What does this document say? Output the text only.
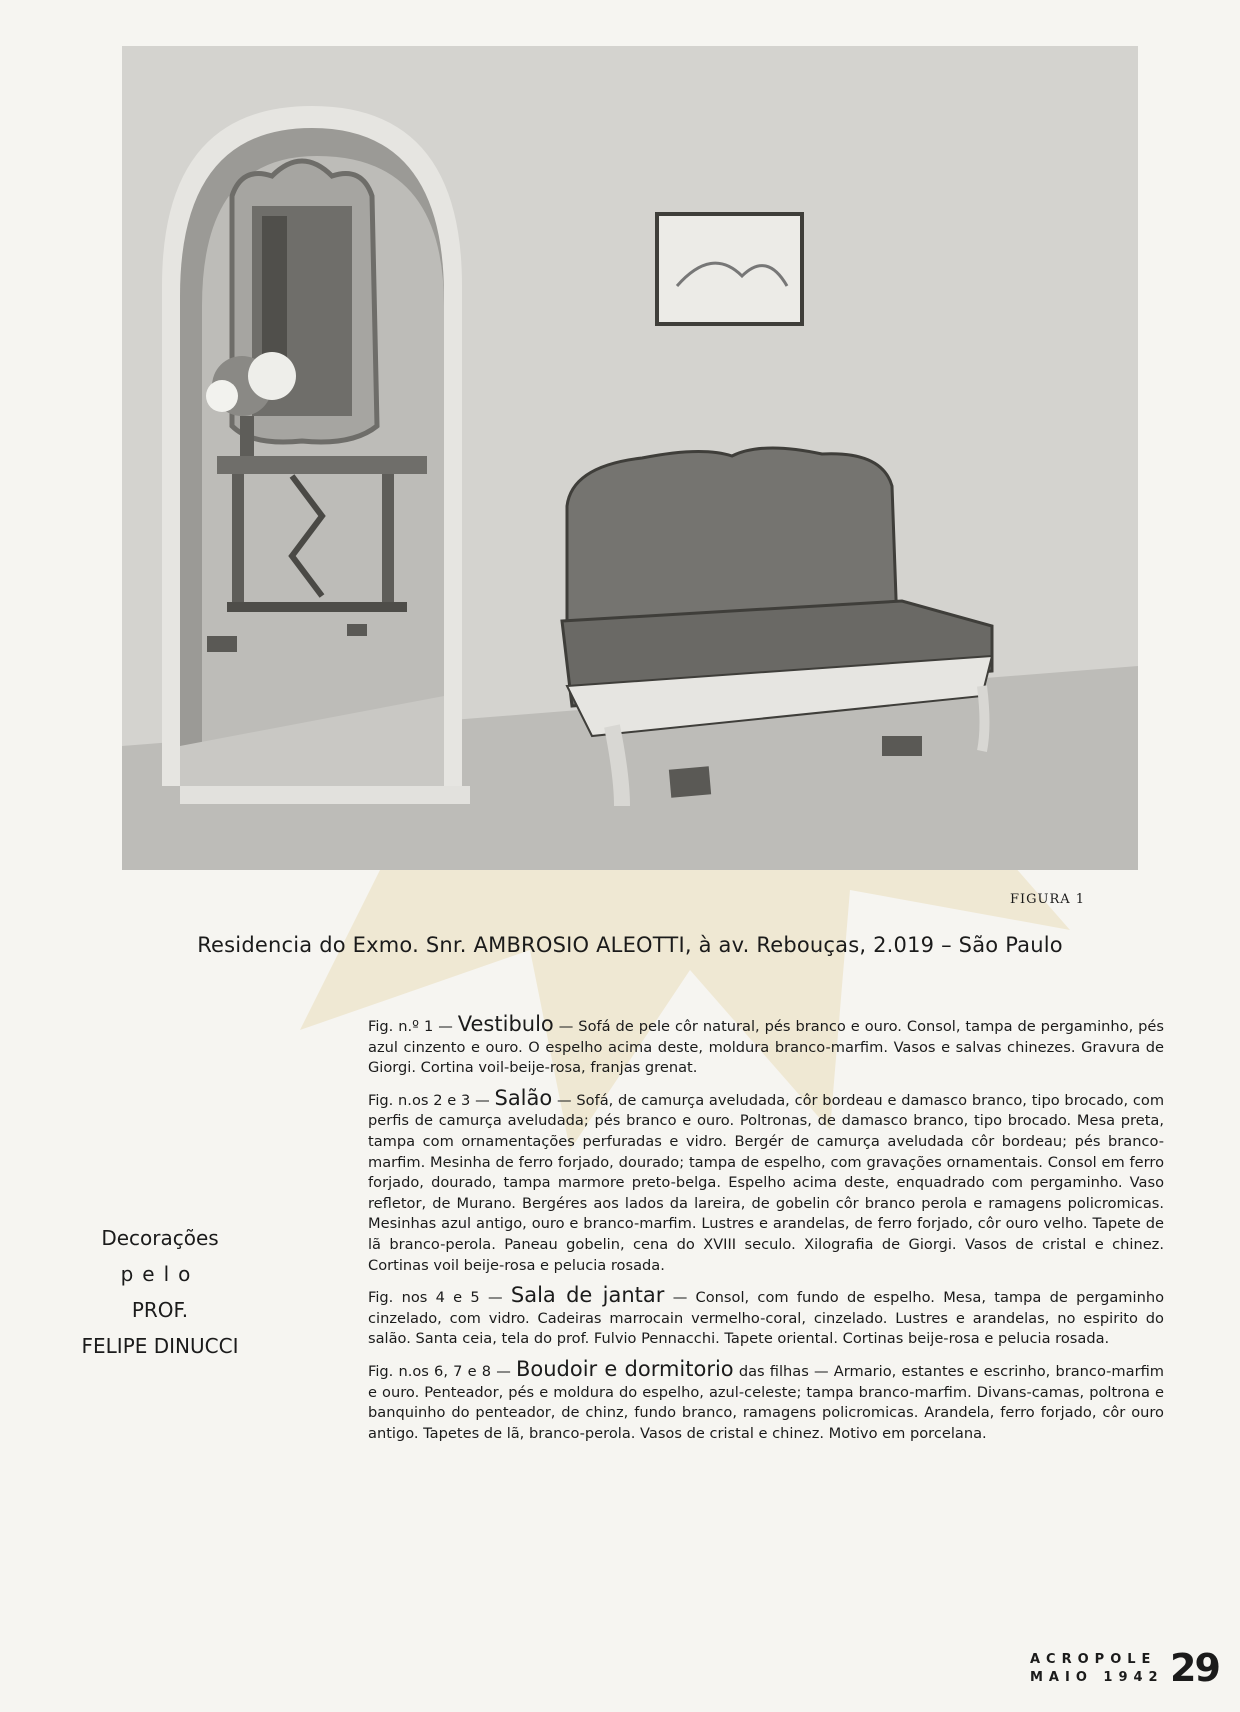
FIGURA 1
Residencia do Exmo. Snr. AMBROSIO ALEOTTI, à av. Rebouças, 2.019 – São Paulo
Decorações
pelo
PROF.
FELIPE DINUCCI

Fig. n.º 1 — Vestibulo — Sofá de pele côr natural, pés branco e ouro. Consol, tampa de pergaminho, pés azul cinzento e ouro. O espelho acima deste, moldura branco-marfim. Vasos e salvas chinezes. Gravura de Giorgi. Cortina voil-beije-rosa, franjas grenat.

Fig. n.os 2 e 3 — Salão — Sofá, de camurça aveludada, côr bordeau e damasco branco, tipo brocado, com perfis de camurça aveludada; pés branco e ouro. Poltronas, de damasco branco, tipo brocado. Mesa preta, tampa com ornamentações perfuradas e vidro. Bergér de camurça aveludada côr bordeau; pés branco-marfim. Mesinha de ferro forjado, dourado; tampa de espelho, com gravações ornamentais. Consol em ferro forjado, dourado, tampa marmore preto-belga. Espelho acima deste, enquadrado com pergaminho. Vaso refletor, de Murano. Bergéres aos lados da lareira, de gobelin côr branco perola e ramagens policromicas. Mesinhas azul antigo, ouro e branco-marfim. Lustres e arandelas, de ferro forjado, côr ouro velho. Tapete de lã branco-perola. Paneau gobelin, cena do XVIII seculo. Xilografia de Giorgi. Vasos de cristal e chinez. Cortinas voil beije-rosa e pelucia rosada.

Fig. nos 4 e 5 — Sala de jantar — Consol, com fundo de espelho. Mesa, tampa de pergaminho cinzelado, com vidro. Cadeiras marrocain vermelho-coral, cinzelado. Lustres e arandelas, no espirito do salão. Santa ceia, tela do prof. Fulvio Pennacchi. Tapete oriental. Cortinas beije-rosa e pelucia rosada.

Fig. n.os 6, 7 e 8 — Boudoir e dormitorio das filhas — Armario, estantes e escrinho, branco-marfim e ouro. Penteador, pés e moldura do espelho, azul-celeste; tampa branco-marfim. Divans-camas, poltrona e banquinho do penteador, de chinz, fundo branco, ramagens policromicas. Arandela, ferro forjado, côr ouro antigo. Tapetes de lã, branco-perola. Vasos de cristal e chinez. Motivo em porcelana.

ACROPOLE
MAIO 1942 29
